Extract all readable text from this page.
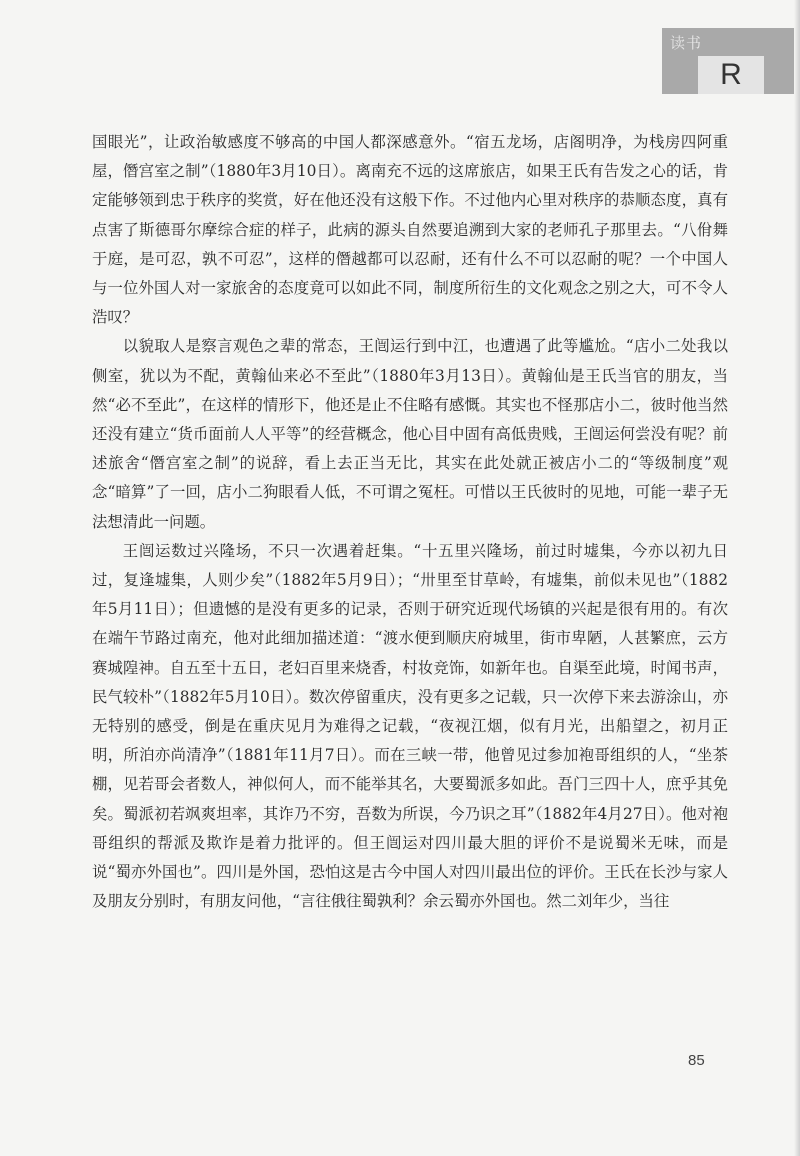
读书
R

国眼光”，让政治敏感度不够高的中国人都深感意外。“宿五龙场，店阁明净，为栈房四阿重屋，僭宫室之制”（1880年3月10日）。离南充不远的这席旅店，如果王氏有告发之心的话，肯定能够领到忠于秩序的奖赏，好在他还没有这般下作。不过他内心里对秩序的恭顺态度，真有点害了斯德哥尔摩综合症的样子，此病的源头自然要追溯到大家的老师孔子那里去。“八佾舞于庭，是可忍，孰不可忍”，这样的僭越都可以忍耐，还有什么不可以忍耐的呢？一个中国人与一位外国人对一家旅舍的态度竟可以如此不同，制度所衍生的文化观念之别之大，可不令人浩叹？

以貌取人是察言观色之辈的常态，王闿运行到中江，也遭遇了此等尴尬。“店小二处我以侧室，犹以为不配，黄翰仙来必不至此”（1880年3月13日）。黄翰仙是王氏当官的朋友，当然“必不至此”，在这样的情形下，他还是止不住略有感慨。其实也不怪那店小二，彼时他当然还没有建立“货币面前人人平等”的经营概念，他心目中固有高低贵贱，王闿运何尝没有呢？前述旅舍“僭宫室之制”的说辞，看上去正当无比，其实在此处就正被店小二的“等级制度”观念“暗算”了一回，店小二狗眼看人低，不可谓之冤枉。可惜以王氏彼时的见地，可能一辈子无法想清此一问题。

王闿运数过兴隆场，不只一次遇着赶集。“十五里兴隆场，前过时墟集，今亦以初九日过，复逢墟集，人则少矣”（1882年5月9日）；“卅里至甘草岭，有墟集，前似未见也”（1882年5月11日）；但遗憾的是没有更多的记录，否则于研究近现代场镇的兴起是很有用的。有次在端午节路过南充，他对此细加描述道：“渡水便到顺庆府城里，街市卑陋，人甚繁庶，云方赛城隍神。自五至十五日，老妇百里来烧香，村妆竞饰，如新年也。自渠至此境，时闻书声，民气较朴”（1882年5月10日）。数次停留重庆，没有更多之记载，只一次停下来去游涂山，亦无特别的感受，倒是在重庆见月为难得之记载，“夜视江烟，似有月光，出船望之，初月正明，所泊亦尚清净”（1881年11月7日）。而在三峡一带，他曾见过参加袍哥组织的人，“坐茶棚，见若哥会者数人，神似何人，而不能举其名，大要蜀派多如此。吾门三四十人，庶乎其免矣。蜀派初若飒爽坦率，其诈乃不穷，吾数为所误，今乃识之耳”（1882年4月27日）。他对袍哥组织的帮派及欺诈是着力批评的。但王闿运对四川最大胆的评价不是说蜀米无味，而是说“蜀亦外国也”。四川是外国，恐怕这是古今中国人对四川最出位的评价。王氏在长沙与家人及朋友分别时，有朋友问他，“言往俄往蜀孰利？余云蜀亦外国也。然二刘年少，当往

85
